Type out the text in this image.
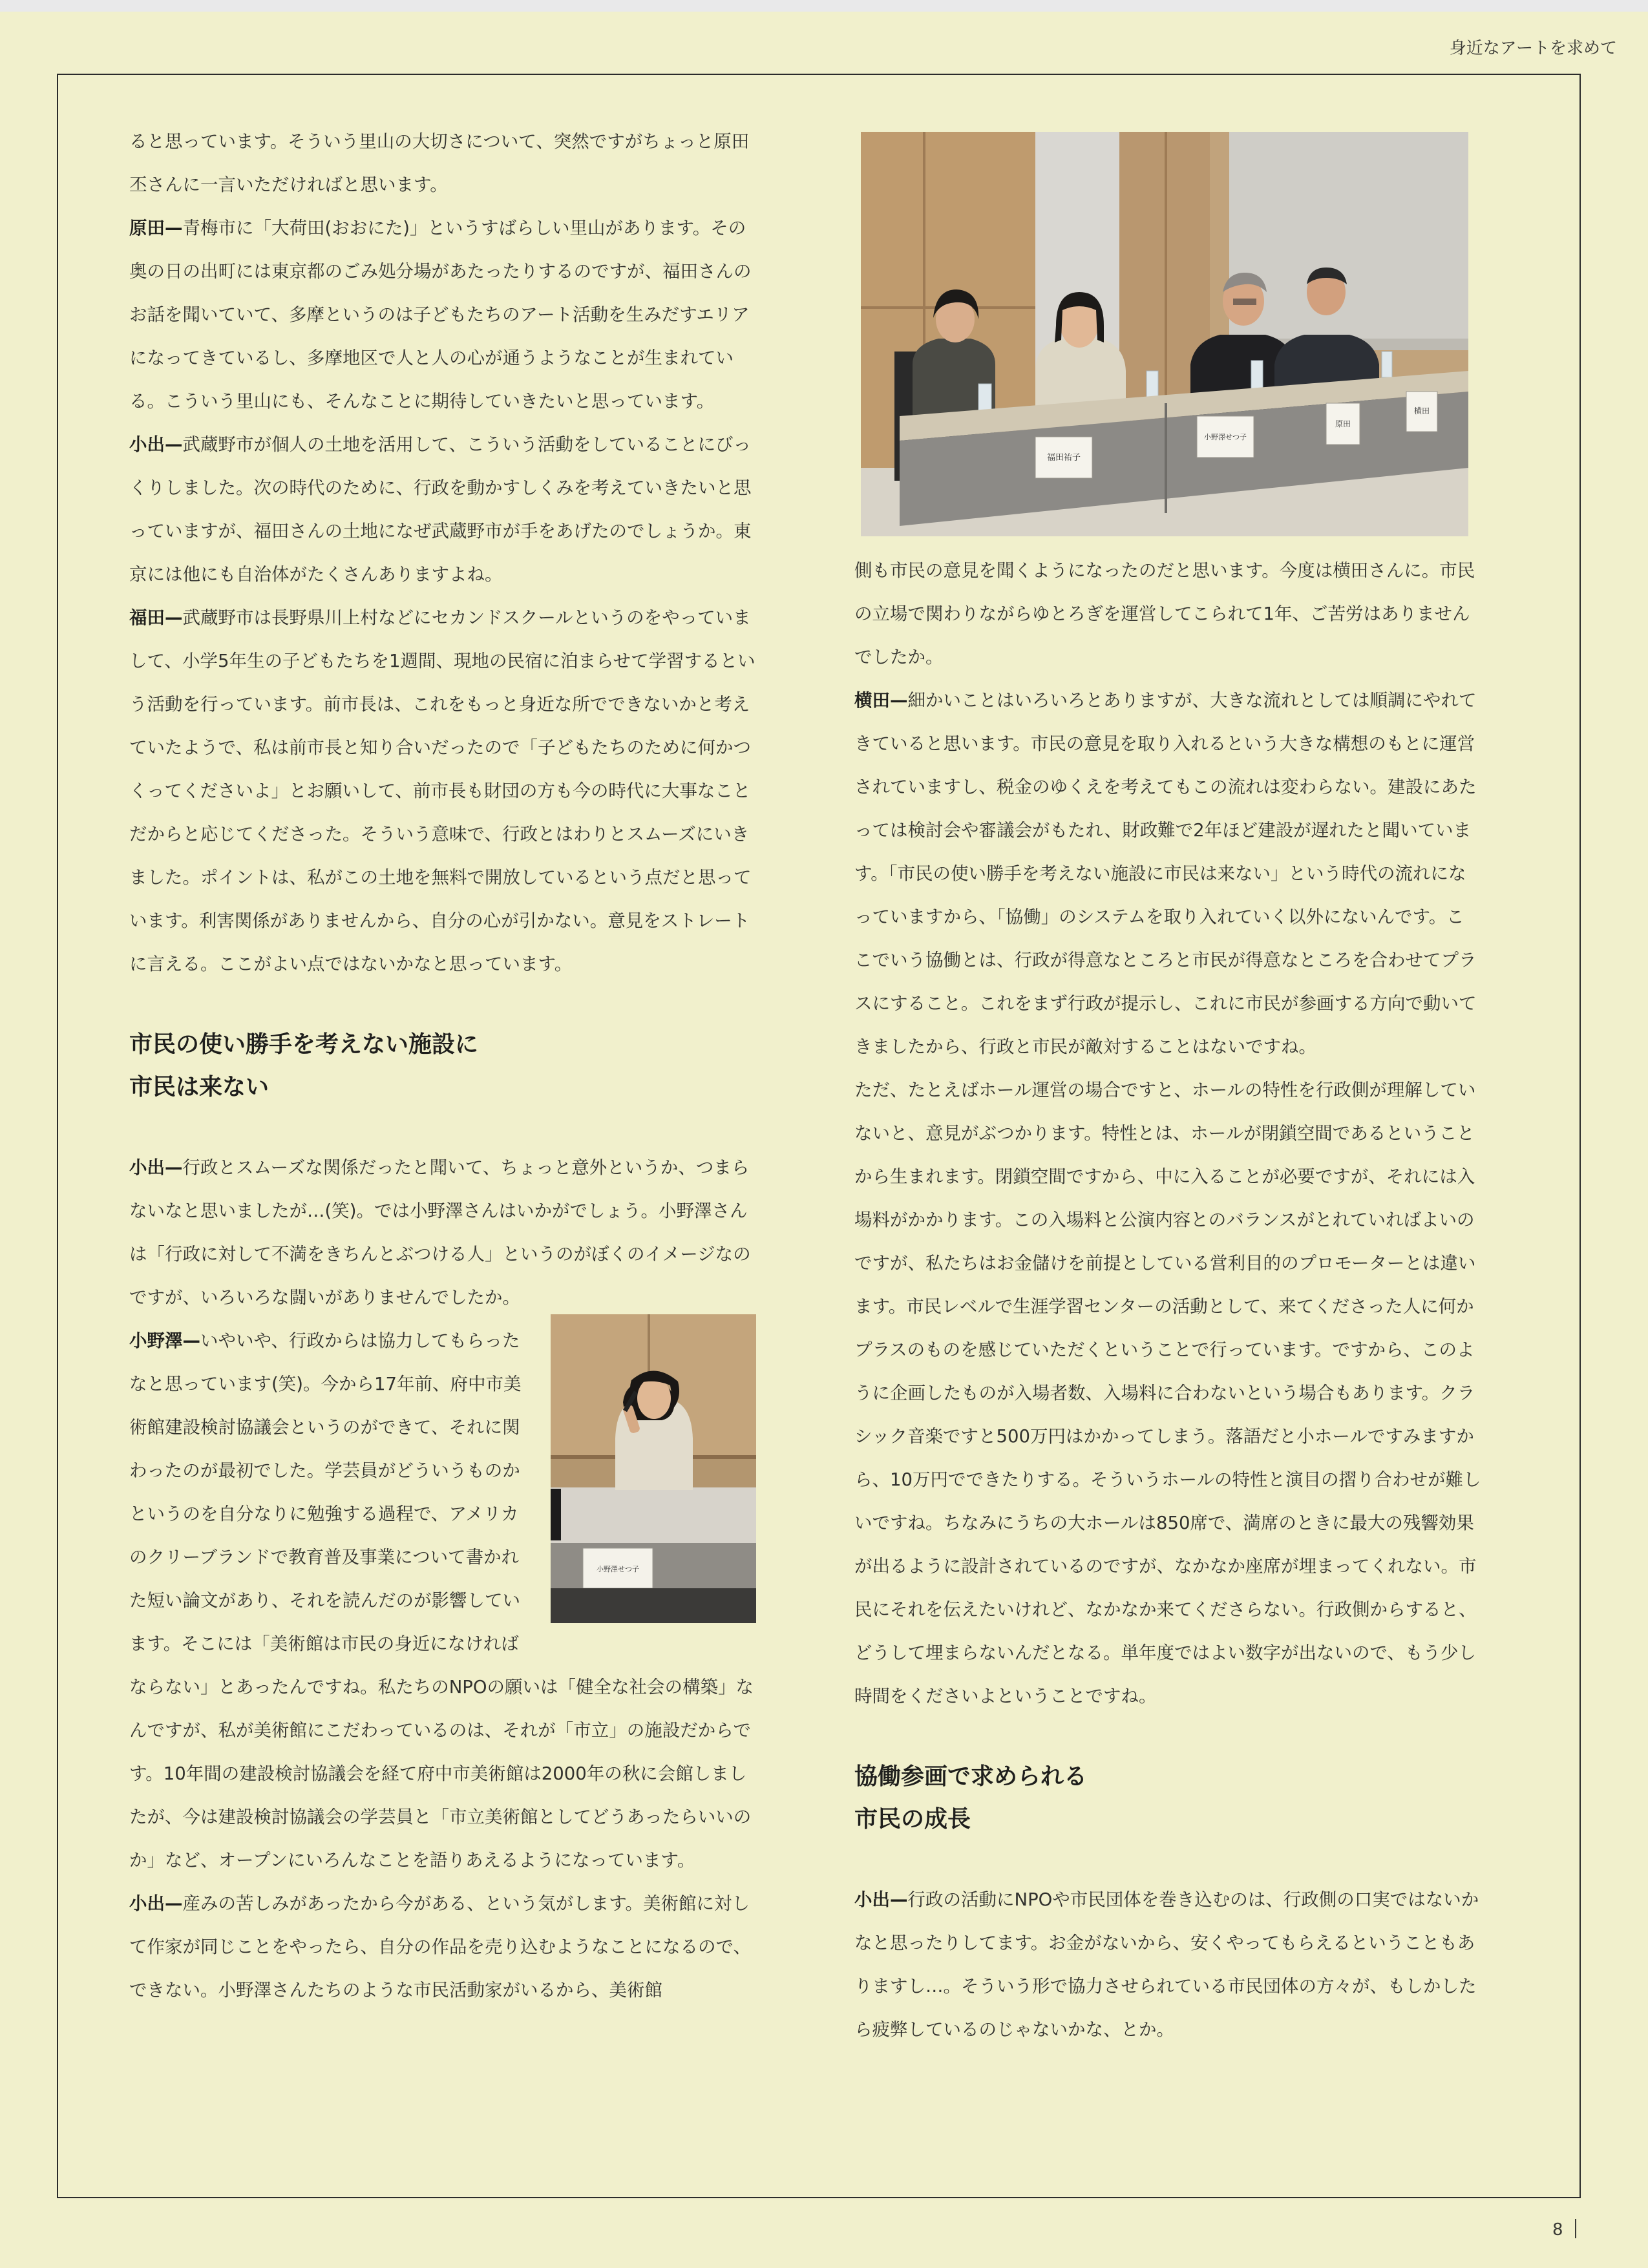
身近なアートを求めて

ると思っています。そういう里山の大切さについて、突然ですがちょっと原田丕さんに一言いただければと思います。

原田—青梅市に「大荷田(おおにた)」というすばらしい里山があります。その奥の日の出町には東京都のごみ処分場があたったりするのですが、福田さんのお話を聞いていて、多摩というのは子どもたちのアート活動を生みだすエリアになってきているし、多摩地区で人と人の心が通うようなことが生まれている。こういう里山にも、そんなことに期待していきたいと思っています。

小出—武蔵野市が個人の土地を活用して、こういう活動をしていることにびっくりしました。次の時代のために、行政を動かすしくみを考えていきたいと思っていますが、福田さんの土地になぜ武蔵野市が手をあげたのでしょうか。東京には他にも自治体がたくさんありますよね。

福田—武蔵野市は長野県川上村などにセカンドスクールというのをやっていまして、小学5年生の子どもたちを1週間、現地の民宿に泊まらせて学習するという活動を行っています。前市長は、これをもっと身近な所でできないかと考えていたようで、私は前市長と知り合いだったので「子どもたちのために何かつくってくださいよ」とお願いして、前市長も財団の方も今の時代に大事なことだからと応じてくださった。そういう意味で、行政とはわりとスムーズにいきました。ポイントは、私がこの土地を無料で開放しているという点だと思っています。利害関係がありませんから、自分の心が引かない。意見をストレートに言える。ここがよい点ではないかなと思っています。

市民の使い勝手を考えない施設に
市民は来ない

小出—行政とスムーズな関係だったと聞いて、ちょっと意外というか、つまらないなと思いましたが…(笑)。では小野澤さんはいかがでしょう。小野澤さんは「行政に対して不満をきちんとぶつける人」というのがぼくのイメージなのですが、いろいろな闘いがありませんでしたか。

小野澤せつ子
小野澤—いやいや、行政からは協力してもらったなと思っています(笑)。今から17年前、府中市美術館建設検討協議会というのができて、それに関わったのが最初でした。学芸員がどういうものかというのを自分なりに勉強する過程で、アメリカのクリーブランドで教育普及事業について書かれた短い論文があり、それを読んだのが影響しています。そこには「美術館は市民の身近になければならない」とあったんですね。私たちのNPOの願いは「健全な社会の構築」なんですが、私が美術館にこだわっているのは、それが「市立」の施設だからです。10年間の建設検討協議会を経て府中市美術館は2000年の秋に会館しましたが、今は建設検討協議会の学芸員と「市立美術館としてどうあったらいいのか」など、オープンにいろんなことを語りあえるようになっています。

小出—産みの苦しみがあったから今がある、という気がします。美術館に対して作家が同じことをやったら、自分の作品を売り込むようなことになるので、できない。小野澤さんたちのような市民活動家がいるから、美術館

福田祐子
小野澤せつ子
原田
横田

側も市民の意見を聞くようになったのだと思います。今度は横田さんに。市民の立場で関わりながらゆとろぎを運営してこられて1年、ご苦労はありませんでしたか。

横田—細かいことはいろいろとありますが、大きな流れとしては順調にやれてきていると思います。市民の意見を取り入れるという大きな構想のもとに運営されていますし、税金のゆくえを考えてもこの流れは変わらない。建設にあたっては検討会や審議会がもたれ、財政難で2年ほど建設が遅れたと聞いています。「市民の使い勝手を考えない施設に市民は来ない」という時代の流れになっていますから、「協働」のシステムを取り入れていく以外にないんです。ここでいう協働とは、行政が得意なところと市民が得意なところを合わせてプラスにすること。これをまず行政が提示し、これに市民が参画する方向で動いてきましたから、行政と市民が敵対することはないですね。

ただ、たとえばホール運営の場合ですと、ホールの特性を行政側が理解していないと、意見がぶつかります。特性とは、ホールが閉鎖空間であるということから生まれます。閉鎖空間ですから、中に入ることが必要ですが、それには入場料がかかります。この入場料と公演内容とのバランスがとれていればよいのですが、私たちはお金儲けを前提としている営利目的のプロモーターとは違います。市民レベルで生涯学習センターの活動として、来てくださった人に何かプラスのものを感じていただくということで行っています。ですから、このように企画したものが入場者数、入場料に合わないという場合もあります。クラシック音楽ですと500万円はかかってしまう。落語だと小ホールですみますから、10万円でできたりする。そういうホールの特性と演目の摺り合わせが難しいですね。ちなみにうちの大ホールは850席で、満席のときに最大の残響効果が出るように設計されているのですが、なかなか座席が埋まってくれない。市民にそれを伝えたいけれど、なかなか来てくださらない。行政側からすると、どうして埋まらないんだとなる。単年度ではよい数字が出ないので、もう少し時間をくださいよということですね。

協働参画で求められる
市民の成長

小出—行政の活動にNPOや市民団体を巻き込むのは、行政側の口実ではないかなと思ったりしてます。お金がないから、安くやってもらえるということもありますし…。そういう形で協力させられている市民団体の方々が、もしかしたら疲弊しているのじゃないかな、とか。

8
